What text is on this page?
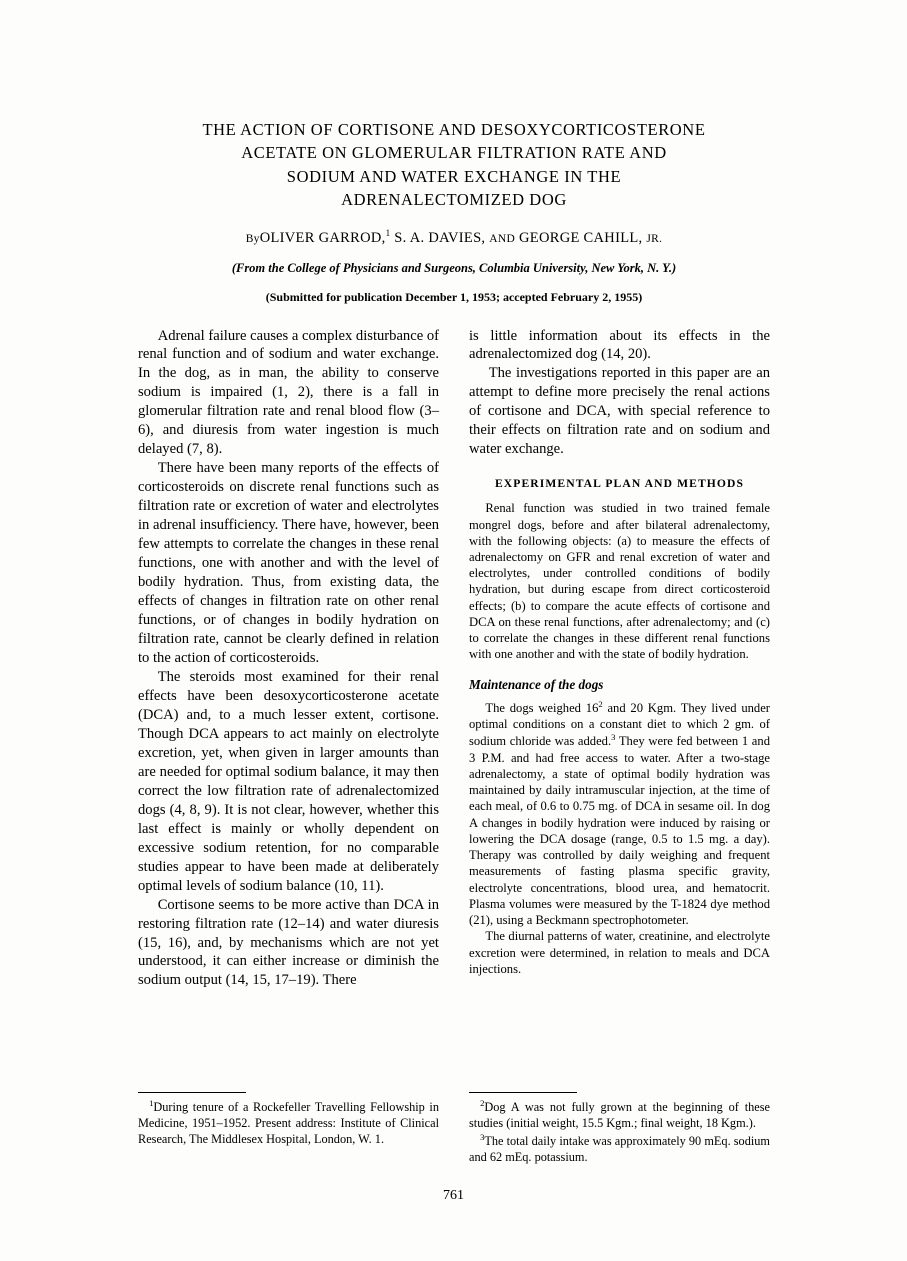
THE ACTION OF CORTISONE AND DESOXYCORTICOSTERONE
ACETATE ON GLOMERULAR FILTRATION RATE AND
SODIUM AND WATER EXCHANGE IN THE
ADRENALECTOMIZED DOG

ByOLIVER GARROD,$^1$ S. A. DAVIES, AND GEORGE CAHILL, JR.

(From the College of Physicians and Surgeons, Columbia University, New York, N. Y.)

(Submitted for publication December 1, 1953; accepted February 2, 1955)

Adrenal failure causes a complex disturbance of renal function and of sodium and water exchange. In the dog, as in man, the ability to conserve sodium is impaired (1, 2), there is a fall in glomerular filtration rate and renal blood flow (3–6), and diuresis from water ingestion is much delayed (7, 8).

There have been many reports of the effects of corticosteroids on discrete renal functions such as filtration rate or excretion of water and electrolytes in adrenal insufficiency. There have, however, been few attempts to correlate the changes in these renal functions, one with another and with the level of bodily hydration. Thus, from existing data, the effects of changes in filtration rate on other renal functions, or of changes in bodily hydration on filtration rate, cannot be clearly defined in relation to the action of corticosteroids.

The steroids most examined for their renal effects have been desoxycorticosterone acetate (DCA) and, to a much lesser extent, cortisone. Though DCA appears to act mainly on electrolyte excretion, yet, when given in larger amounts than are needed for optimal sodium balance, it may then correct the low filtration rate of adrenalectomized dogs (4, 8, 9). It is not clear, however, whether this last effect is mainly or wholly dependent on excessive sodium retention, for no comparable studies appear to have been made at deliberately optimal levels of sodium balance (10, 11).

Cortisone seems to be more active than DCA in restoring filtration rate (12–14) and water diuresis (15, 16), and, by mechanisms which are not yet understood, it can either increase or diminish the sodium output (14, 15, 17–19). There

is little information about its effects in the adrenalectomized dog (14, 20).

The investigations reported in this paper are an attempt to define more precisely the renal actions of cortisone and DCA, with special reference to their effects on filtration rate and on sodium and water exchange.

EXPERIMENTAL PLAN AND METHODS

Renal function was studied in two trained female mongrel dogs, before and after bilateral adrenalectomy, with the following objects: (a) to measure the effects of adrenalectomy on GFR and renal excretion of water and electrolytes, under controlled conditions of bodily hydration, but during escape from direct corticosteroid effects; (b) to compare the acute effects of cortisone and DCA on these renal functions, after adrenalectomy; and (c) to correlate the changes in these different renal functions with one another and with the state of bodily hydration.

Maintenance of the dogs

The dogs weighed $16^2$ and 20 Kgm. They lived under optimal conditions on a constant diet to which 2 gm. of sodium chloride was added.$^3$ They were fed between 1 and 3 P.M. and had free access to water. After a two-stage adrenalectomy, a state of optimal bodily hydration was maintained by daily intramuscular injection, at the time of each meal, of 0.6 to 0.75 mg. of DCA in sesame oil. In dog A changes in bodily hydration were induced by raising or lowering the DCA dosage (range, 0.5 to 1.5 mg. a day). Therapy was controlled by daily weighing and frequent measurements of fasting plasma specific gravity, electrolyte concentrations, blood urea, and hematocrit. Plasma volumes were measured by the T-1824 dye method (21), using a Beckmann spectrophotometer.

The diurnal patterns of water, creatinine, and electrolyte excretion were determined, in relation to meals and DCA injections.

$^1$During tenure of a Rockefeller Travelling Fellowship in Medicine, 1951–1952. Present address: Institute of Clinical Research, The Middlesex Hospital, London, W. 1.

$^2$Dog A was not fully grown at the beginning of these studies (initial weight, 15.5 Kgm.; final weight, 18 Kgm.).

$^3$The total daily intake was approximately 90 mEq. sodium and 62 mEq. potassium.

761
